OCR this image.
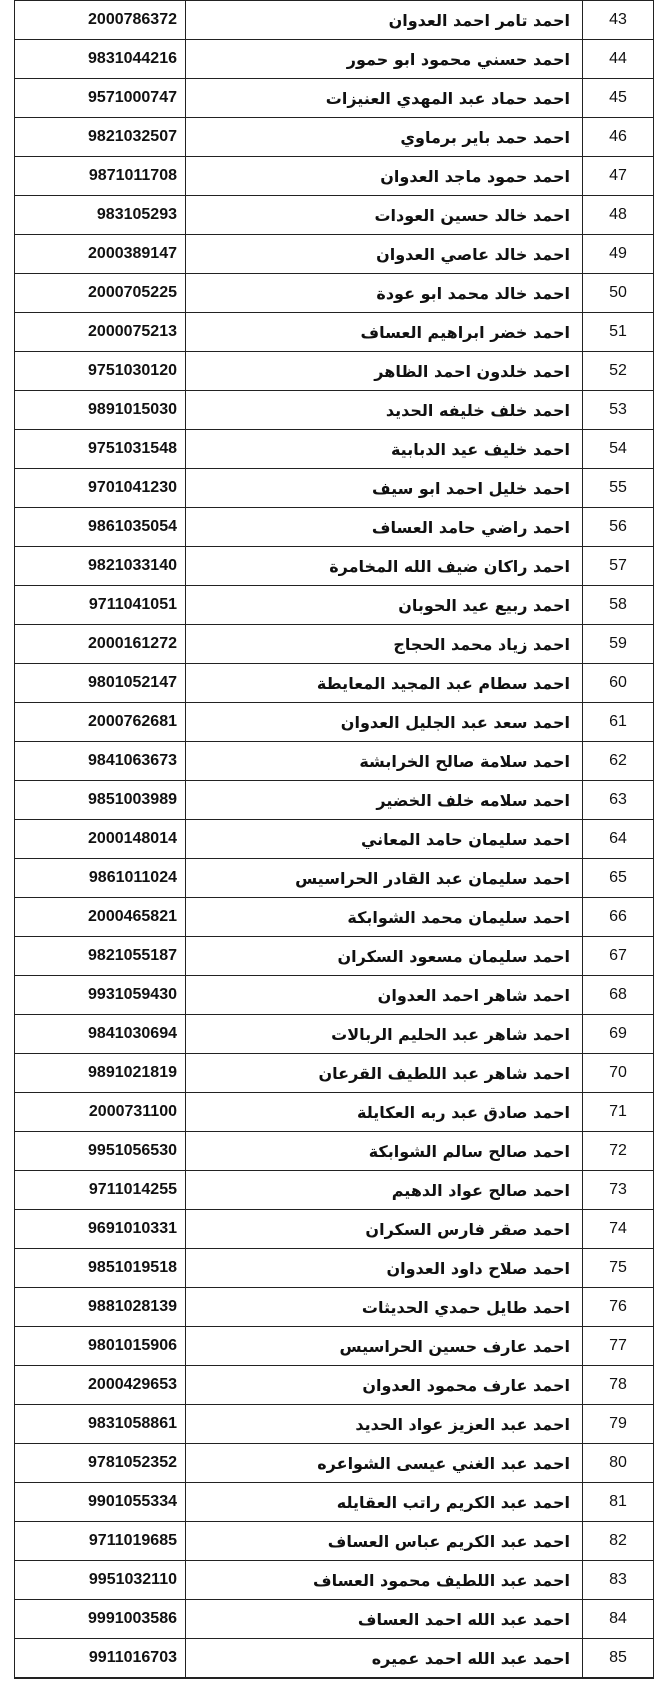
2000786372	احمد تامر احمد العدوان	43
9831044216	احمد حسني محمود ابو حمور	44
9571000747	احمد حماد عبد المهدي العنيزات	45
9821032507	احمد حمد باير برماوي	46
9871011708	احمد حمود ماجد العدوان	47
983105293	احمد خالد حسين العودات	48
2000389147	احمد خالد عاصي العدوان	49
2000705225	احمد خالد محمد ابو عودة	50
2000075213	احمد خضر ابراهيم العساف	51
9751030120	احمد خلدون احمد الظاهر	52
9891015030	احمد خلف خليفه الحديد	53
9751031548	احمد خليف عيد الدبابية	54
9701041230	احمد خليل احمد ابو سيف	55
9861035054	احمد راضي حامد العساف	56
9821033140	احمد راكان ضيف الله المخامرة	57
9711041051	احمد ربيع عيد الحوبان	58
2000161272	احمد زياد محمد الحجاج	59
9801052147	احمد سطام عبد المجيد المعايطة	60
2000762681	احمد سعد عبد الجليل العدوان	61
9841063673	احمد سلامة صالح الخرابشة	62
9851003989	احمد سلامه خلف الخضير	63
2000148014	احمد سليمان حامد المعاني	64
9861011024	احمد سليمان عبد القادر الحراسيس	65
2000465821	احمد سليمان محمد الشوابكة	66
9821055187	احمد سليمان مسعود السكران	67
9931059430	احمد شاهر احمد العدوان	68
9841030694	احمد شاهر عبد الحليم الربالات	69
9891021819	احمد شاهر عبد اللطيف القرعان	70
2000731100	احمد صادق عبد ربه العكايلة	71
9951056530	احمد صالح سالم الشوابكة	72
9711014255	احمد صالح عواد الدهيم	73
9691010331	احمد صقر فارس السكران	74
9851019518	احمد صلاح داود العدوان	75
9881028139	احمد طايل حمدي الحديثات	76
9801015906	احمد عارف حسين الحراسيس	77
2000429653	احمد عارف محمود العدوان	78
9831058861	احمد عبد العزيز عواد الحديد	79
9781052352	احمد عبد الغني عيسى الشواعره	80
9901055334	احمد عبد الكريم راتب العقايله	81
9711019685	احمد عبد الكريم عباس العساف	82
9951032110	احمد عبد اللطيف محمود العساف	83
9991003586	احمد عبد الله احمد العساف	84
9911016703	احمد عبد الله احمد عميره	85
